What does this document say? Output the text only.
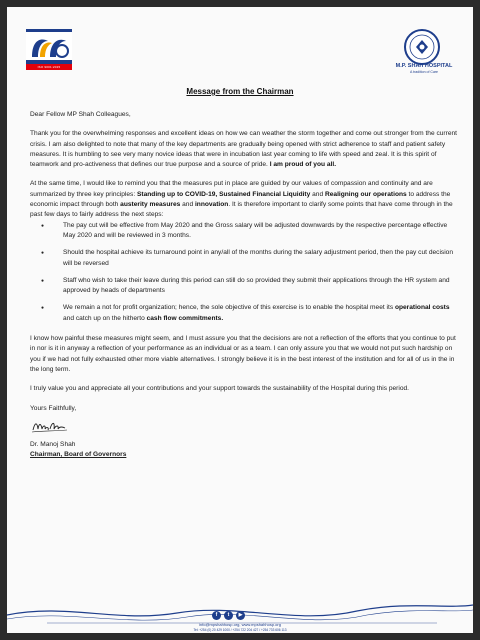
ISO 9001:2015	M.P. SHAH HOSPITAL
A tradition of Care
Message from the Chairman

Dear Fellow MP Shah Colleagues,

Thank you for the overwhelming responses and excellent ideas on how we can weather the storm together and come out stronger from the current crisis. I am also delighted to note that many of the key departments are gradually being opened with strict adherence to staff and patient safety measures. It is humbling to see very many novice ideas that were in incubation last year coming to life with speed and zeal. It is this spirit of teamwork and pro-activeness that defines our true purpose and a source of pride. I am proud of you all.

At the same time, I would like to remind you that the measures put in place are guided by our values of compassion and continuity and are summarized by three key principles: Standing up to COVID-19, Sustained Financial Liquidity and Realigning our operations to address the economic impact through both austerity measures and innovation. It is therefore important to clarify some points that have come through in the past few days to fairly address the next steps:

● The pay cut will be effective from May 2020 and the Gross salary will be adjusted downwards by the respective percentage effective May 2020 and will be reviewed in 3 months.
● Should the hospital achieve its turnaround point in any/all of the months during the salary adjustment period, then the pay cut decision will be reversed
● Staff who wish to take their leave during this period can still do so provided they submit their applications through the HR system and approved by heads of departments
● We remain a not for profit organization; hence, the sole objective of this exercise is to enable the hospital meet its operational costs and catch up on the hitherto cash flow commitments.

I know how painful these measures might seem, and I must assure you that the decisions are not a reflection of the efforts that you continue to put in nor is it in anyway a reflection of your performance as an individual or as a team. I can only assure you that we would not put such hardship on you if we had not fully exhausted other more viable alternatives. I strongly believe it is in the best interest of the institution and for all of us in the in the long term.

I truly value you and appreciate all your contributions and your support towards the sustainability of the Hospital during this period.

Yours Faithfully,
Dr. Manoj Shah
Chairman, Board of Governors
f	t	▶
info@mpshahhosp.org, www.mpshahhosp.org
Tel: +254 (0) 20 429 1000 / +254 722 204 427 / +254 733 606 113
